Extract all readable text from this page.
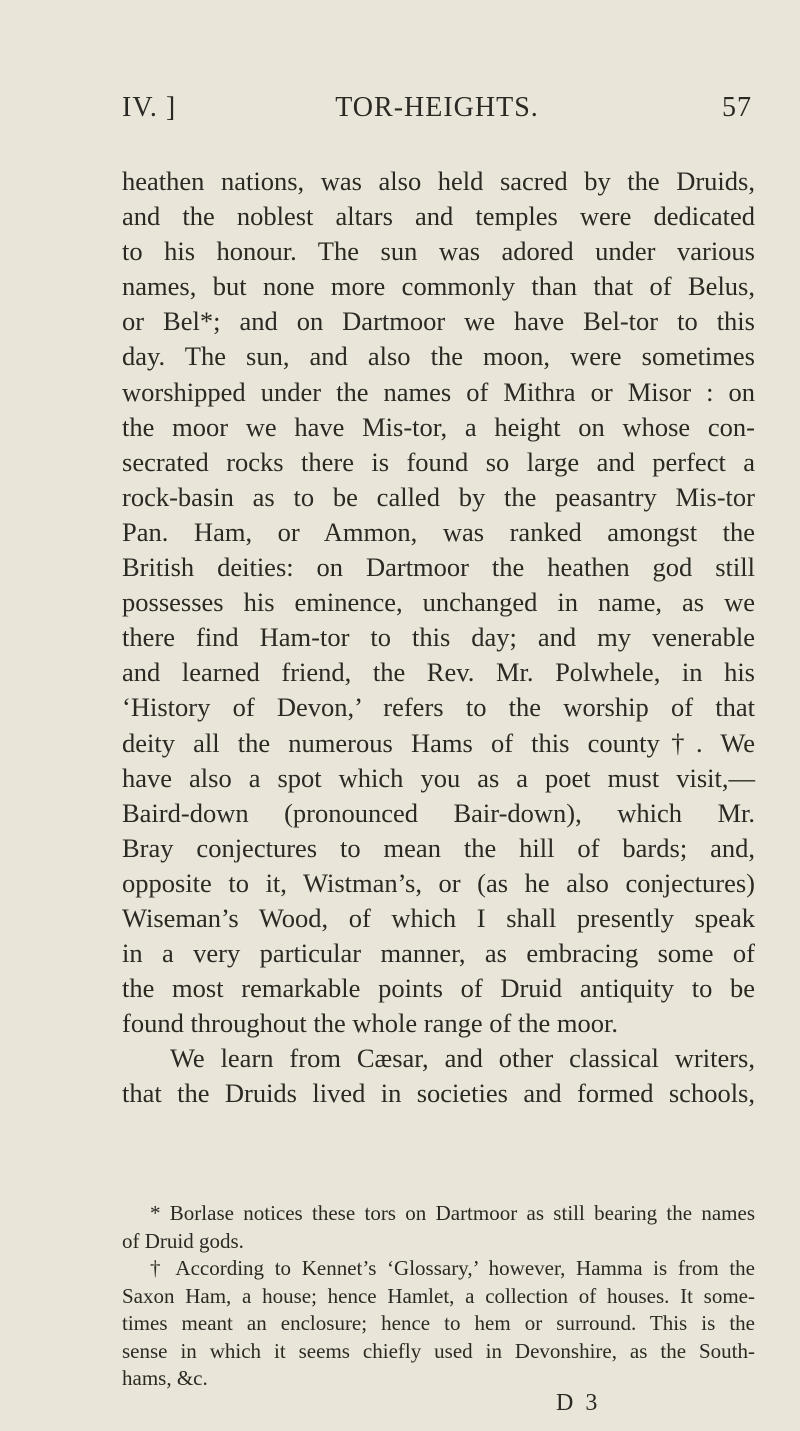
IV. ]	TOR-HEIGHTS.	57
heathen nations, was also held sacred by the Druids,
and the noblest altars and temples were dedicated
to his honour. The sun was adored under various
names, but none more commonly than that of Belus,
or Bel*; and on Dartmoor we have Bel-tor to this
day. The sun, and also the moon, were sometimes
worshipped under the names of Mithra or Misor : on
the moor we have Mis-tor, a height on whose con-
secrated rocks there is found so large and perfect a
rock-basin as to be called by the peasantry Mis-tor
Pan. Ham, or Ammon, was ranked amongst the
British deities: on Dartmoor the heathen god still
possesses his eminence, unchanged in name, as we
there find Ham-tor to this day; and my venerable
and learned friend, the Rev. Mr. Polwhele, in his
‘History of Devon,’ refers to the worship of that
deity all the numerous Hams of this county†. We
have also a spot which you as a poet must visit,—
Baird-down (pronounced Bair-down), which Mr.
Bray conjectures to mean the hill of bards; and,
opposite to it, Wistman’s, or (as he also conjectures)
Wiseman’s Wood, of which I shall presently speak
in a very particular manner, as embracing some of
the most remarkable points of Druid antiquity to be
found throughout the whole range of the moor.
We learn from Cæsar, and other classical writers,
that the Druids lived in societies and formed schools,
* Borlase notices these tors on Dartmoor as still bearing the names
of Druid gods.
† According to Kennet’s ‘Glossary,’ however, Hamma is from the
Saxon Ham, a house; hence Hamlet, a collection of houses. It some-
times meant an enclosure; hence to hem or surround. This is the
sense in which it seems chiefly used in Devonshire, as the South-
hams, &c.
D 3
